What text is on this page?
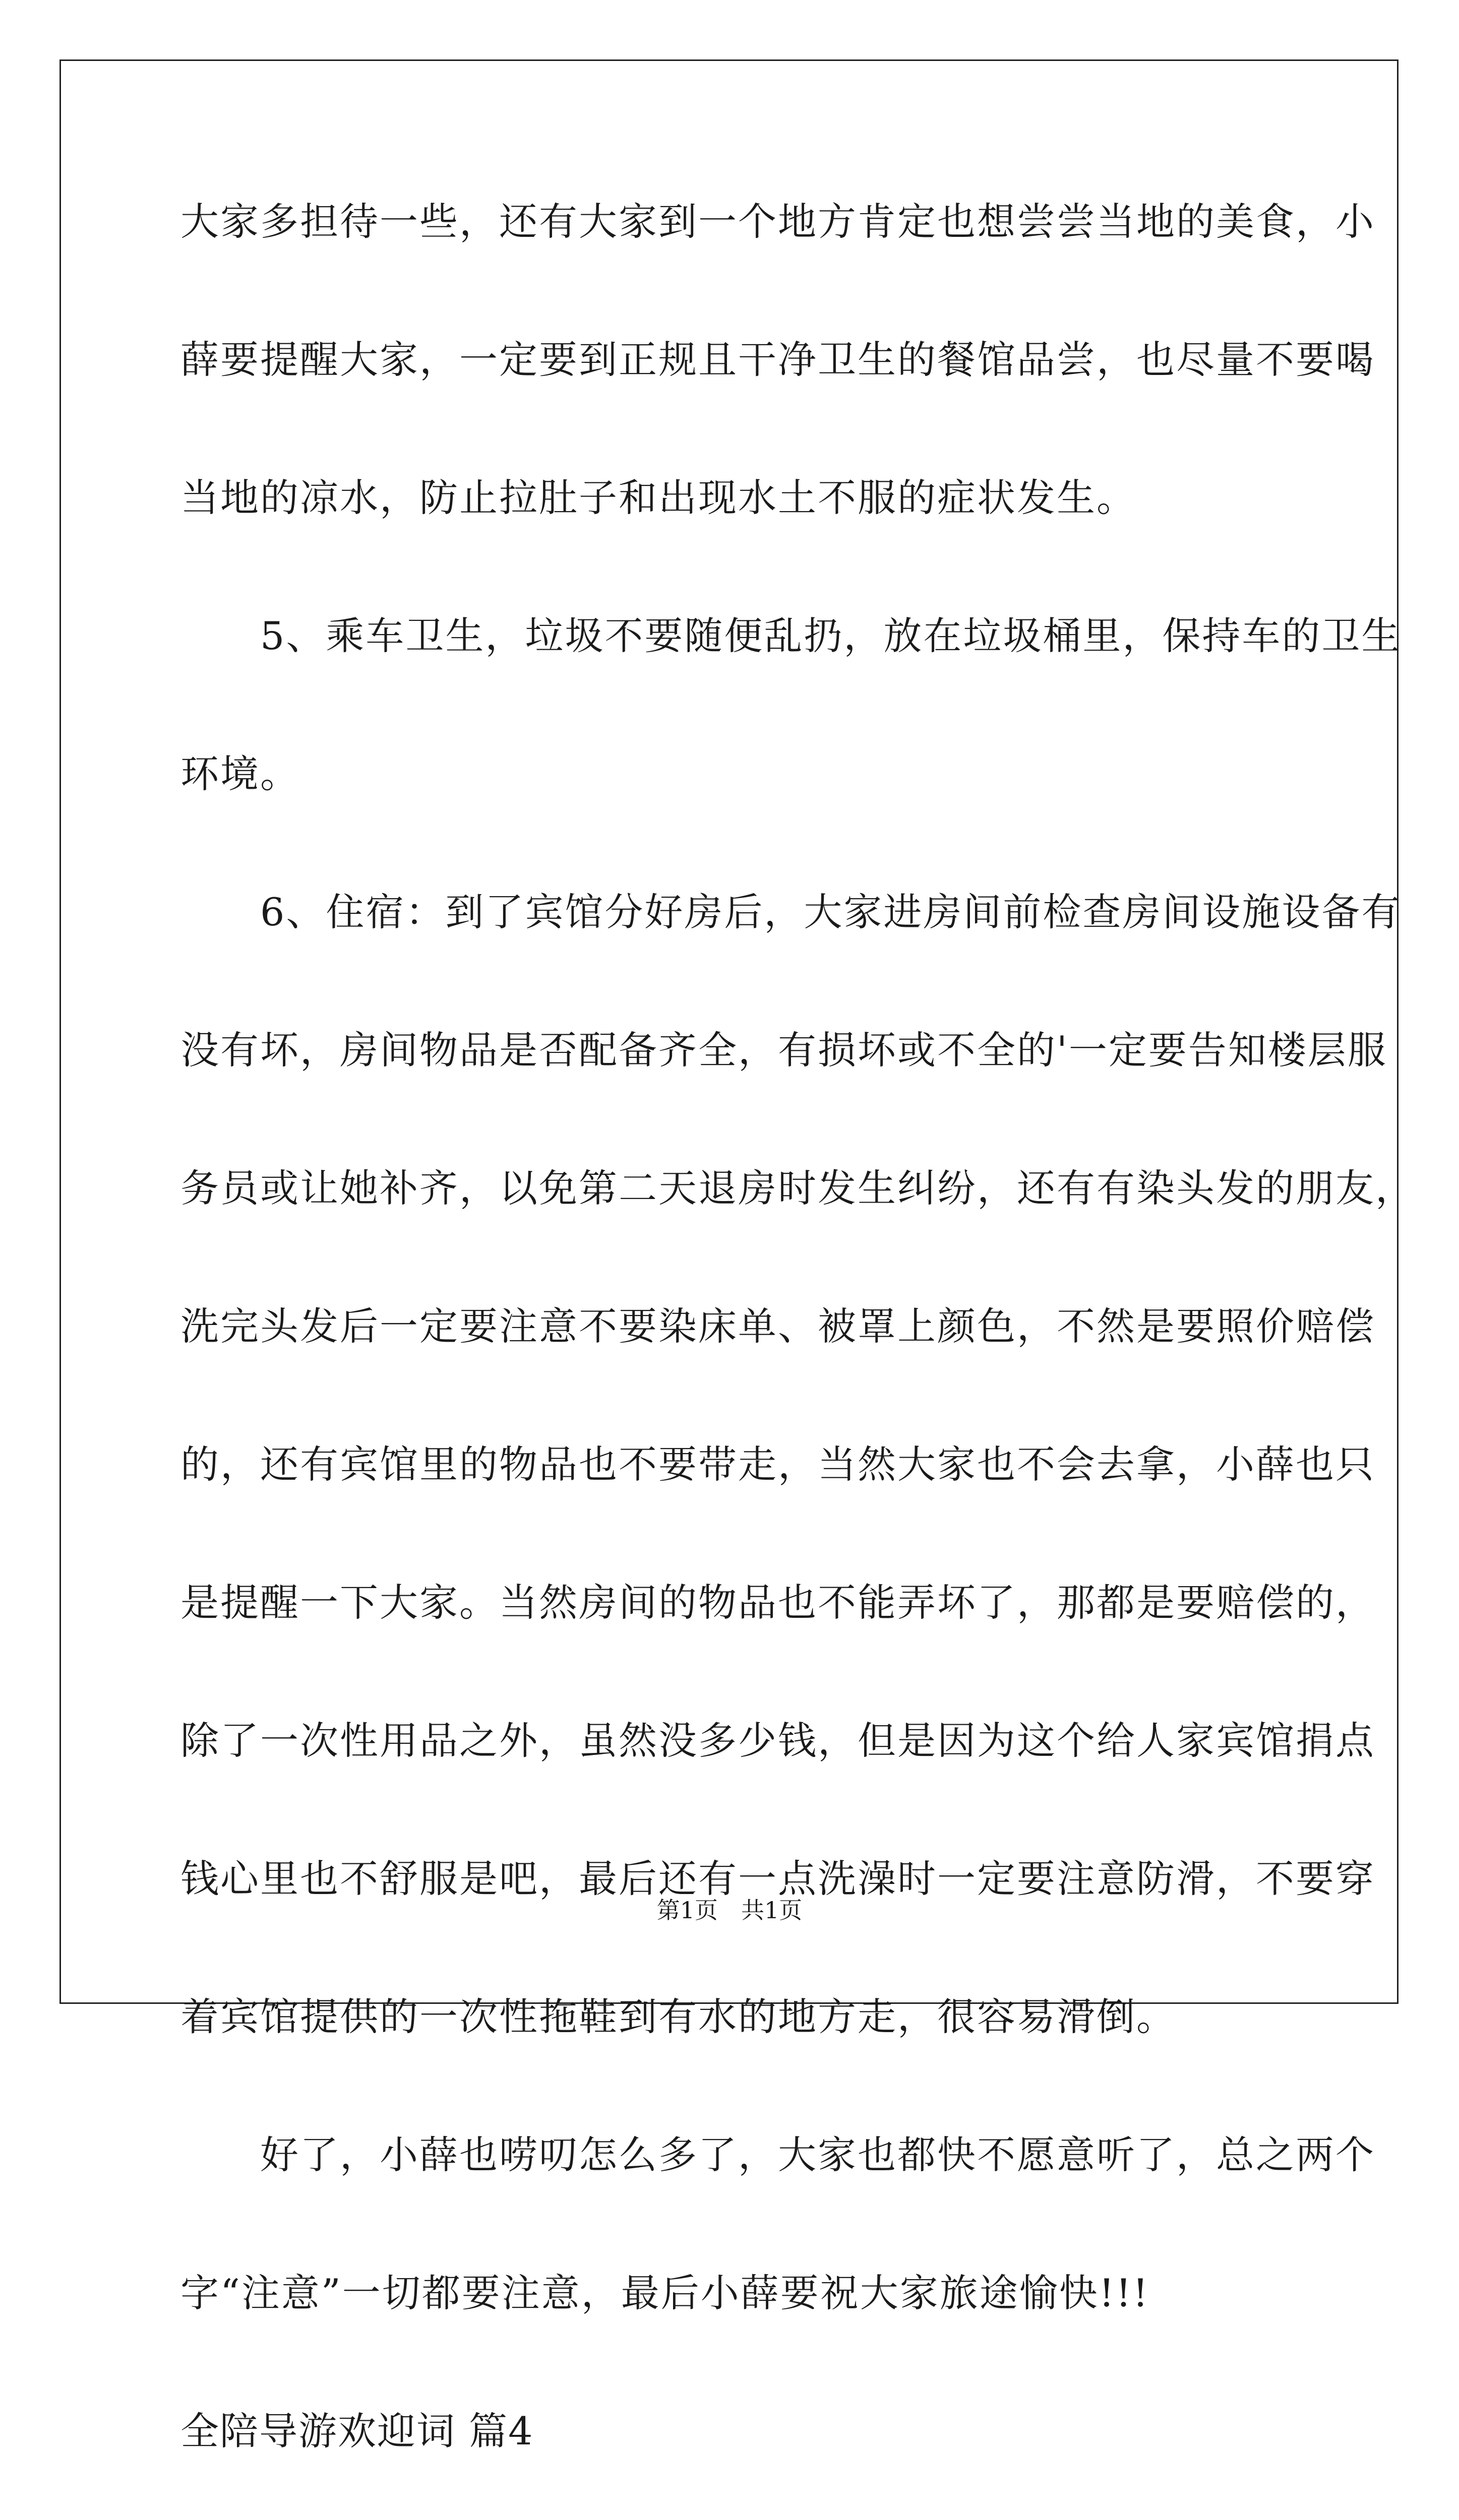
大家多担待一些，还有大家到一个地方肯定也想尝尝当地的美食，小
薛要提醒大家，一定要到正规且干净卫生的餐馆品尝，也尽量不要喝
当地的凉水，防止拉肚子和出现水土不服的症状发生。
　　5、乘车卫生，垃圾不要随便乱扔，放在垃圾桶里，保持车的卫生
环境。
　　6、住宿：到了宾馆分好房后，大家进房间前检查房间设施设备有
没有坏，房间物品是否配备齐全，有损坏或不全的'一定要告知楼层服
务员或让她补齐，以免第二天退房时发生纠纷，还有有染头发的朋友，
洗完头发后一定要注意不要染床单、被罩上颜色，不然是要照价赔偿
的，还有宾馆里的物品也不要带走，当然大家也不会去拿，小薛也只
是提醒一下大家。当然房间的物品也不能弄坏了，那都是要赔偿的，
除了一次性用品之外，虽然没多少钱，但是因为这个给人家宾馆捐点
钱心里也不舒服是吧，最后还有一点洗澡时一定要注意防滑，不要穿
着宾馆提供的一次性拖鞋到有水的地方走，很容易滑倒。
　　好了，小薛也唠叨怎么多了，大家也都快不愿意听了，总之两个
字“注意”一切都要注意，最后小薛要祝大家旅途愉快!!!
全陪导游欢迎词 篇4
第1页　共1页
